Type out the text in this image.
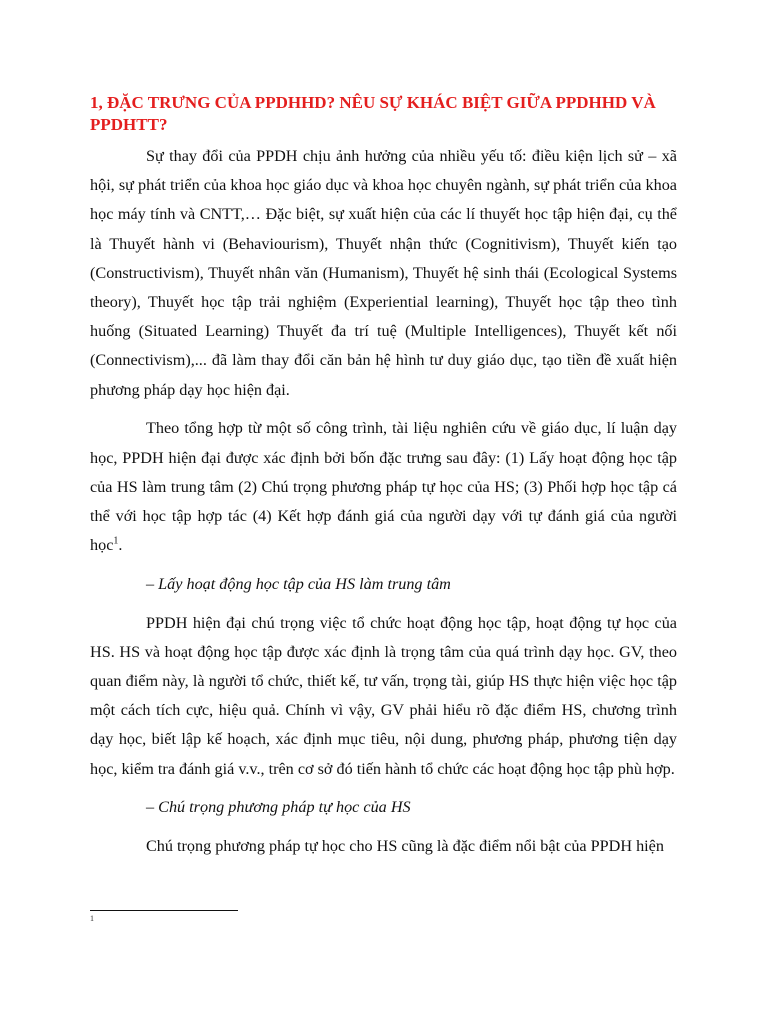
1, ĐẶC TRƯNG CỦA PPDHHD? NÊU SỰ KHÁC BIỆT GIỮA PPDHHD VÀ PPDHTT?

Sự thay đổi của PPDH chịu ảnh hưởng của nhiều yếu tố: điều kiện lịch sử – xã hội, sự phát triển của khoa học giáo dục và khoa học chuyên ngành, sự phát triển của khoa học máy tính và CNTT,… Đặc biệt, sự xuất hiện của các lí thuyết học tập hiện đại, cụ thể là Thuyết hành vi (Behaviourism), Thuyết nhận thức (Cognitivism), Thuyết kiến tạo (Constructivism), Thuyết nhân văn (Humanism), Thuyết hệ sinh thái (Ecological Systems theory), Thuyết học tập trải nghiệm (Experiential learning), Thuyết học tập theo tình huống (Situated Learning) Thuyết đa trí tuệ (Multiple Intelligences), Thuyết kết nối (Connectivism),... đã làm thay đổi căn bản hệ hình tư duy giáo dục, tạo tiền đề xuất hiện phương pháp dạy học hiện đại.

Theo tổng hợp từ một số công trình, tài liệu nghiên cứu về giáo dục, lí luận dạy học, PPDH hiện đại được xác định bởi bốn đặc trưng sau đây: (1) Lấy hoạt động học tập của HS làm trung tâm (2) Chú trọng phương pháp tự học của HS; (3) Phối hợp học tập cá thể với học tập hợp tác (4) Kết hợp đánh giá của người dạy với tự đánh giá của người học$^1$.

– Lấy hoạt động học tập của HS làm trung tâm

PPDH hiện đại chú trọng việc tổ chức hoạt động học tập, hoạt động tự học của HS. HS và hoạt động học tập được xác định là trọng tâm của quá trình dạy học. GV, theo quan điểm này, là người tổ chức, thiết kế, tư vấn, trọng tài, giúp HS thực hiện việc học tập một cách tích cực, hiệu quả. Chính vì vậy, GV phải hiểu rõ đặc điểm HS, chương trình dạy học, biết lập kế hoạch, xác định mục tiêu, nội dung, phương pháp, phương tiện dạy học, kiểm tra đánh giá v.v., trên cơ sở đó tiến hành tổ chức các hoạt động học tập phù hợp.

– Chú trọng phương pháp tự học của HS

Chú trọng phương pháp tự học cho HS cũng là đặc điểm nổi bật của PPDH hiện

1
